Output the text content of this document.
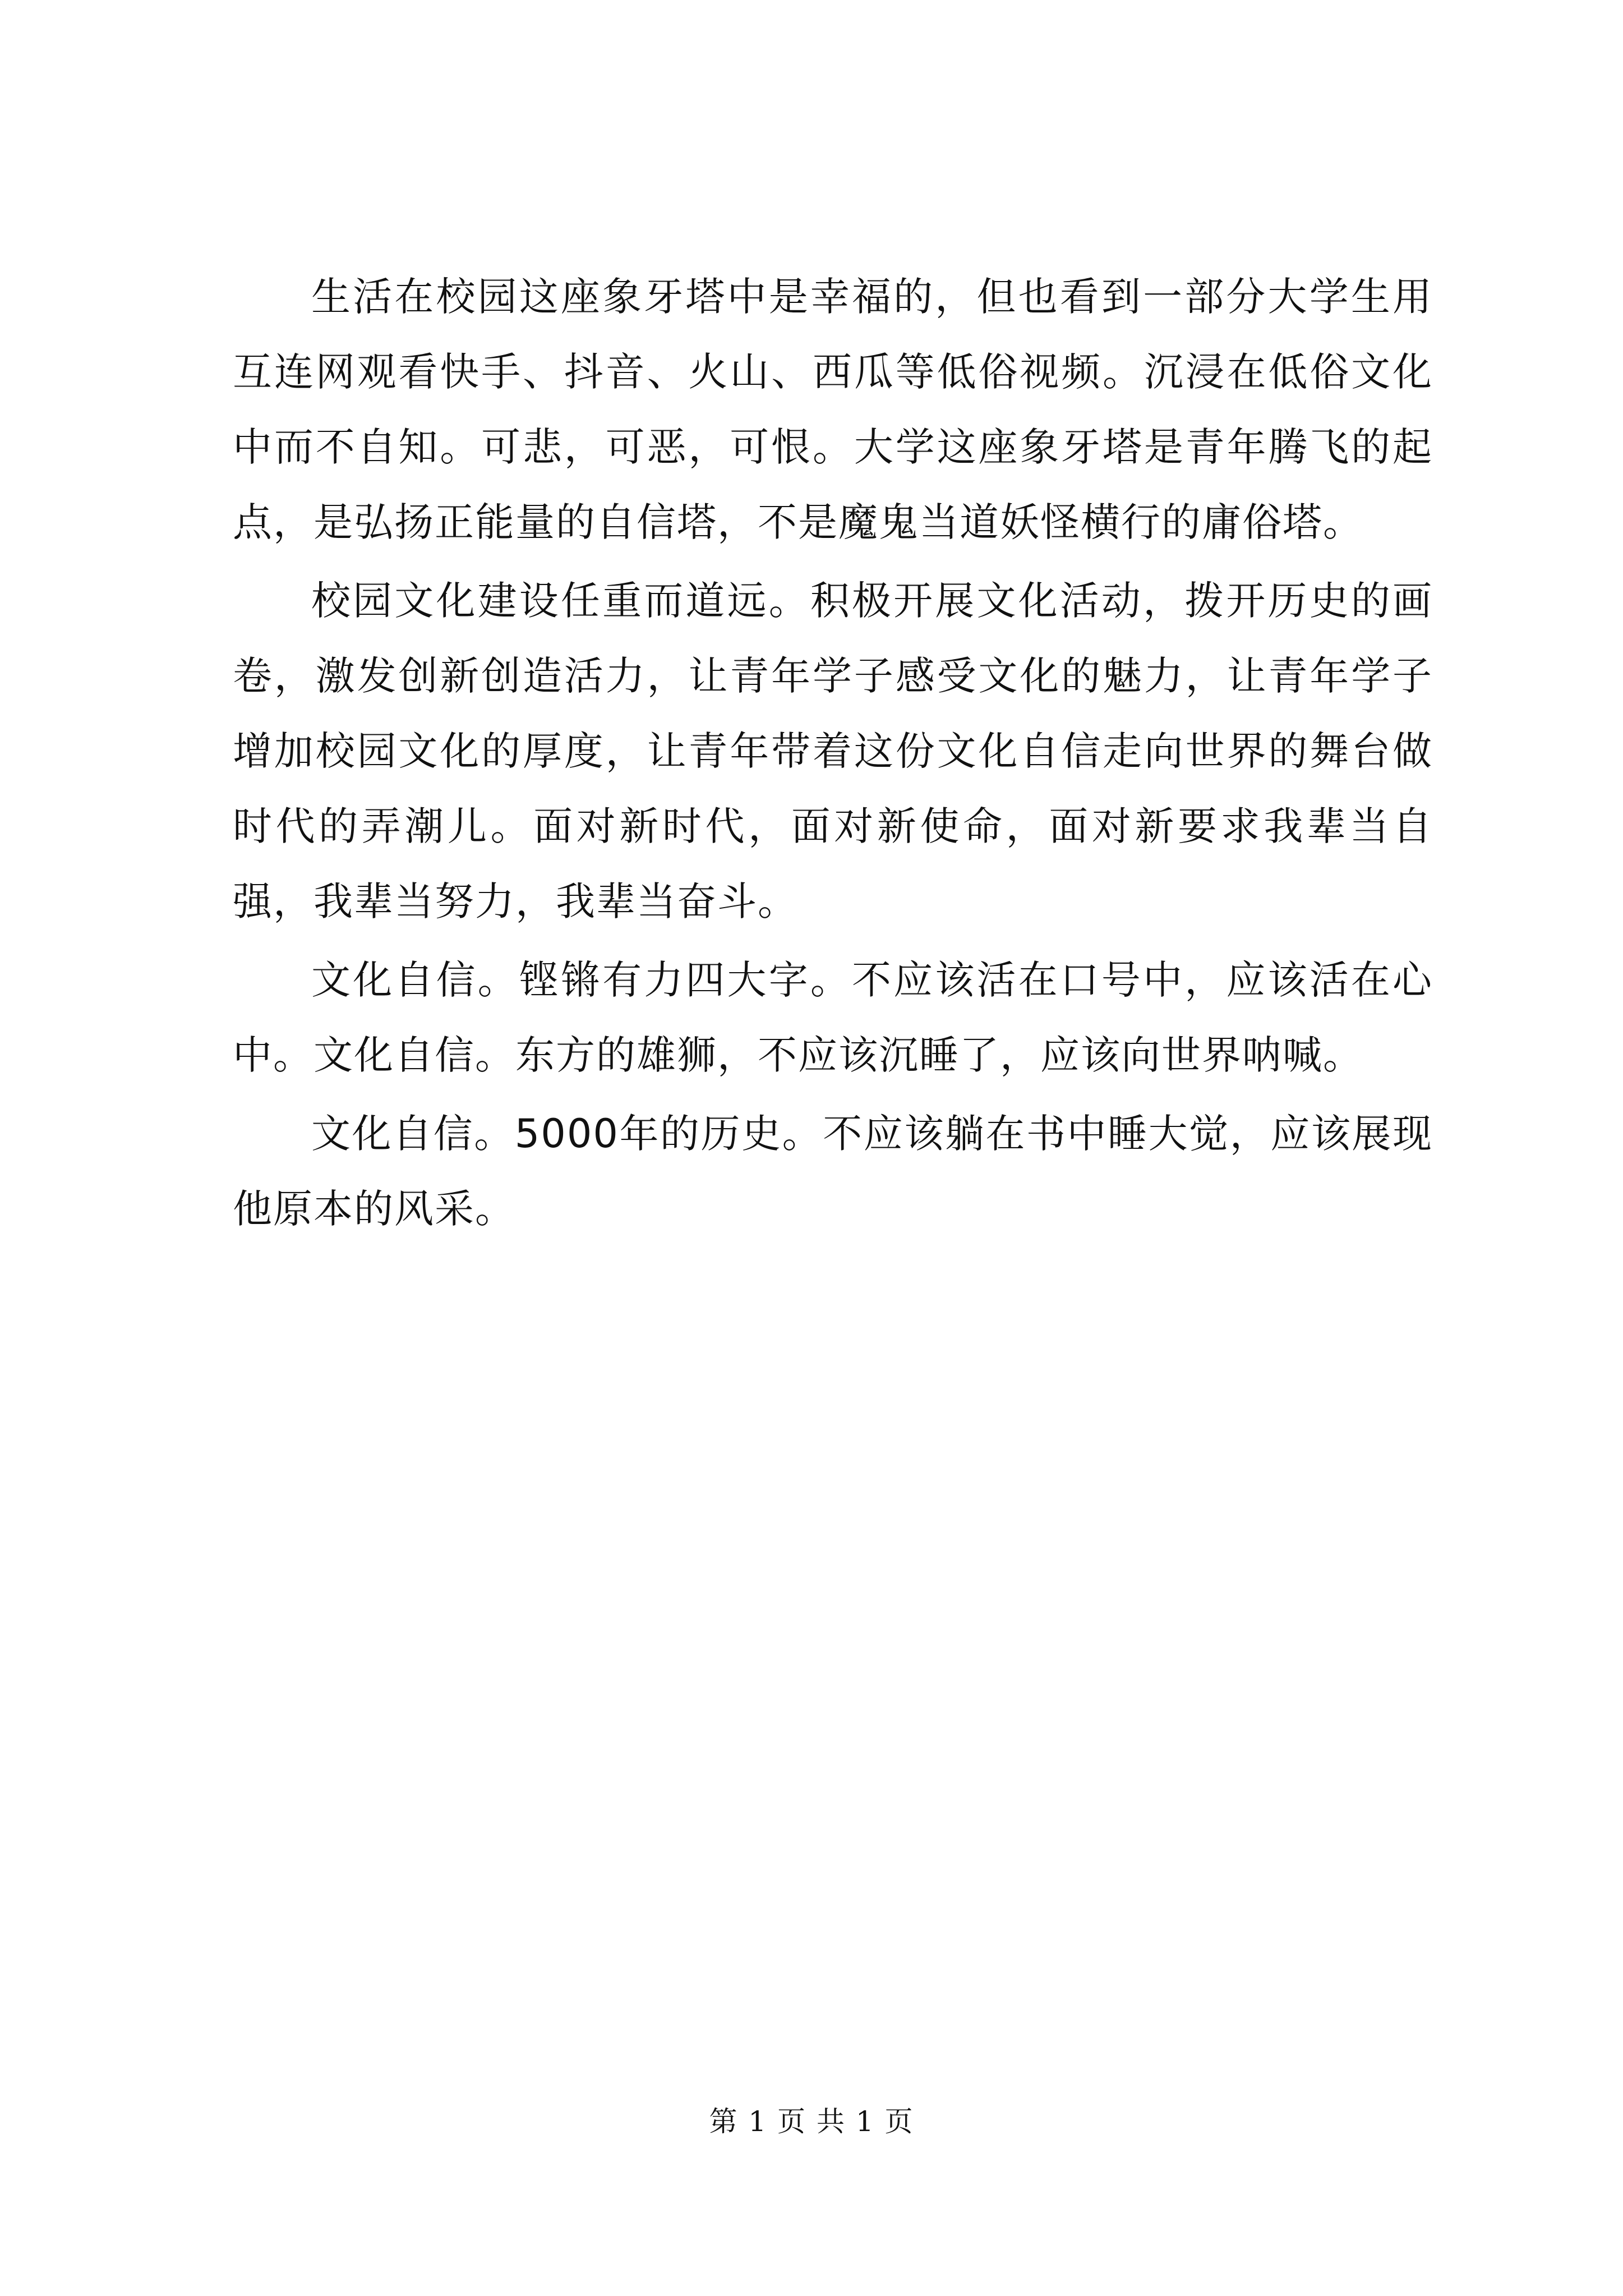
生活在校园这座象牙塔中是幸福的，但也看到一部分大学生用互连网观看快手、抖音、火山、西瓜等低俗视频。沉浸在低俗文化中而不自知。可悲，可恶，可恨。大学这座象牙塔是青年腾飞的起点，是弘扬正能量的自信塔，不是魔鬼当道妖怪横行的庸俗塔。

校园文化建设任重而道远。积极开展文化活动，拨开历史的画卷，激发创新创造活力，让青年学子感受文化的魅力，让青年学子增加校园文化的厚度，让青年带着这份文化自信走向世界的舞台做时代的弄潮儿。面对新时代，面对新使命，面对新要求我辈当自强，我辈当努力，我辈当奋斗。

文化自信。铿锵有力四大字。不应该活在口号中，应该活在心中。文化自信。东方的雄狮，不应该沉睡了，应该向世界呐喊。

文化自信。5000年的历史。不应该躺在书中睡大觉，应该展现他原本的风采。

第 1 页 共 1 页
